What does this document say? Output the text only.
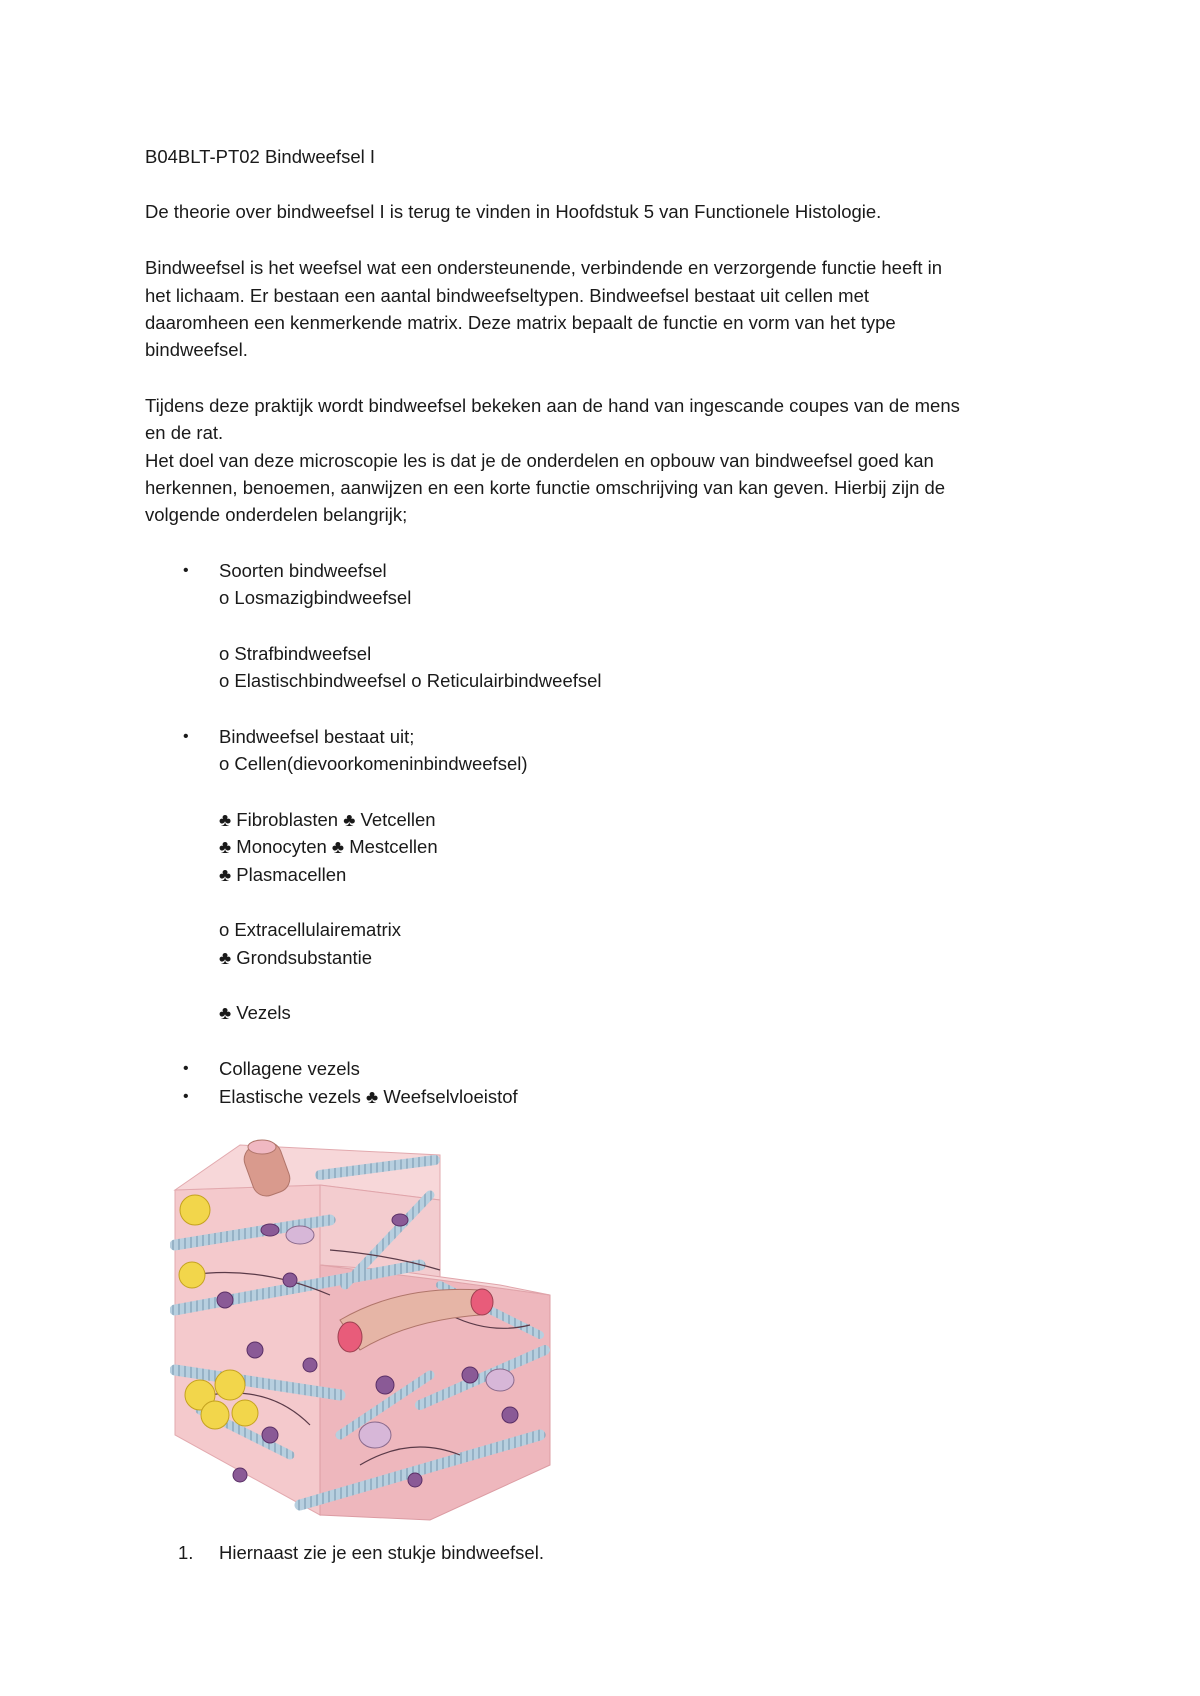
B04BLT-PT02 Bindweefsel I
De theorie over bindweefsel I is terug te vinden in Hoofdstuk 5 van Functionele Histologie.
Bindweefsel is het weefsel wat een ondersteunende, verbindende en verzorgende functie heeft in
het lichaam. Er bestaan een aantal bindweefseltypen. Bindweefsel bestaat uit cellen met
daaromheen een kenmerkende matrix. Deze matrix bepaalt de functie en vorm van het type
bindweefsel.
Tijdens deze praktijk wordt bindweefsel bekeken aan de hand van ingescande coupes van de mens
en de rat.
Het doel van deze microscopie les is dat je de onderdelen en opbouw van bindweefsel goed kan
herkennen, benoemen, aanwijzen en een korte functie omschrijving van kan geven. Hierbij zijn de
volgende onderdelen belangrijk;
• Soorten bindweefsel
o Losmazigbindweefsel
o Strafbindweefsel
o Elastischbindweefsel o Reticulairbindweefsel
• Bindweefsel bestaat uit;
o Cellen(dievoorkomeninbindweefsel)
♣ Fibroblasten ♣ Vetcellen
♣ Monocyten ♣ Mestcellen
♣ Plasmacellen
o Extracellulairematrix
♣ Grondsubstantie
♣ Vezels
• Collagene vezels
• Elastische vezels ♣ Weefselvloeistof
1. Hiernaast zie je een stukje bindweefsel.
